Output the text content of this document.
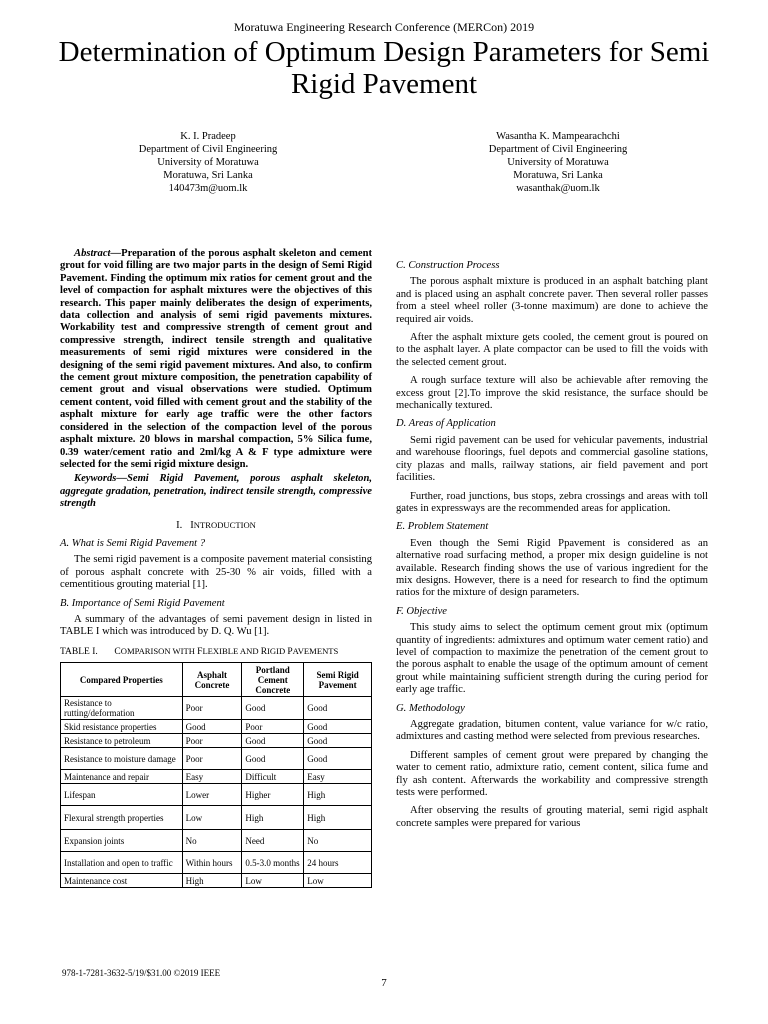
Moratuwa Engineering Research Conference (MERCon) 2019
Determination of Optimum Design Parameters for Semi Rigid Pavement
K. I. Pradeep
Department of Civil Engineering
University of Moratuwa
Moratuwa, Sri Lanka
140473m@uom.lk
Wasantha K. Mampearachchi
Department of Civil Engineering
University of Moratuwa
Moratuwa, Sri Lanka
wasanthak@uom.lk

Abstract—Preparation of the porous asphalt skeleton and cement grout for void filling are two major parts in the design of Semi Rigid Pavement. Finding the optimum mix ratios for cement grout and the level of compaction for asphalt mixtures were the objectives of this research. This paper mainly deliberates the design of experiments, data collection and analysis of semi rigid pavements mixtures. Workability test and compressive strength of cement grout and compressive strength, indirect tensile strength and qualitative measurements of semi rigid mixtures were considered in the designing of the semi rigid pavement mixtures. And also, to confirm the cement grout mixture composition, the penetration capability of cement grout and visual observations were studied. Optimum cement content, void filled with cement grout and the stability of the asphalt mixture for early age traffic were the other factors considered in the selection of the compaction level of the porous asphalt mixture. 20 blows in marshal compaction, 5% Silica fume, 0.39 water/cement ratio and 2ml/kg A & F type admixture were selected for the semi rigid mixture design.

Keywords—Semi Rigid Pavement, porous asphalt skeleton, aggregate gradation, penetration, indirect tensile strength, compressive strength

I. INTRODUCTION
A. What is Semi Rigid Pavement ?

The semi rigid pavement is a composite pavement material consisting of porous asphalt concrete with 25-30 % air voids, filled with a cementitious grouting material [1].

B. Importance of Semi Rigid Pavement

A summary of the advantages of semi pavement design in listed in TABLE I which was introduced by D. Q. Wu [1].

TABLE I. COMPARISON WITH FLEXIBLE AND RIGID PAVEMENTS
Compared Properties	Asphalt Concrete	Portland Cement Concrete	Semi Rigid Pavement
Resistance to rutting/deformation	Poor	Good	Good
Skid resistance properties	Good	Poor	Good
Resistance to petroleum	Poor	Good	Good
Resistance to moisture damage	Poor	Good	Good
Maintenance and repair	Easy	Difficult	Easy
Lifespan	Lower	Higher	High
Flexural strength properties	Low	High	High
Expansion joints	No	Need	No
Installation and open to traffic	Within hours	0.5-3.0 months	24 hours
Maintenance cost	High	Low	Low
C. Construction Process

The porous asphalt mixture is produced in an asphalt batching plant and is placed using an asphalt concrete paver. Then several roller passes from a steel wheel roller (3-tonne maximum) are done to achieve the required air voids.

After the asphalt mixture gets cooled, the cement grout is poured on to the asphalt layer. A plate compactor can be used to fill the voids with the selected cement grout.

A rough surface texture will also be achievable after removing the excess grout [2].To improve the skid resistance, the surface should be mechanically textured.

D. Areas of Application

Semi rigid pavement can be used for vehicular pavements, industrial and warehouse floorings, fuel depots and commercial gasoline stations, city plazas and malls, railway stations, air field pavement and port facilities.

Further, road junctions, bus stops, zebra crossings and areas with toll gates in expressways are the recommended areas for application.

E. Problem Statement

Even though the Semi Rigid Ppavement is considered as an alternative road surfacing method, a proper mix design guideline is not available. Research finding shows the use of various ingredient for the mix designs. However, there is a need for research to find the optimum ratios for the mixture of design parameters.

F. Objective

This study aims to select the optimum cement grout mix (optimum quantity of ingredients: admixtures and optimum water cement ratio) and level of compaction to maximize the penetration of the cement grout to the porous asphalt to enable the usage of the optimum amount of cement grout while maintaining sufficient strength during the curing period for early age traffic.

G. Methodology

Aggregate gradation, bitumen content, value variance for w/c ratio, admixtures and casting method were selected from previous researches.

Different samples of cement grout were prepared by changing the water to cement ratio, admixture ratio, cement content, silica fume and fly ash content. Afterwards the workability and compressive strength tests were performed.

After observing the results of grouting material, semi rigid asphalt concrete samples were prepared for various

978-1-7281-3632-5/19/$31.00 ©2019 IEEE
7
